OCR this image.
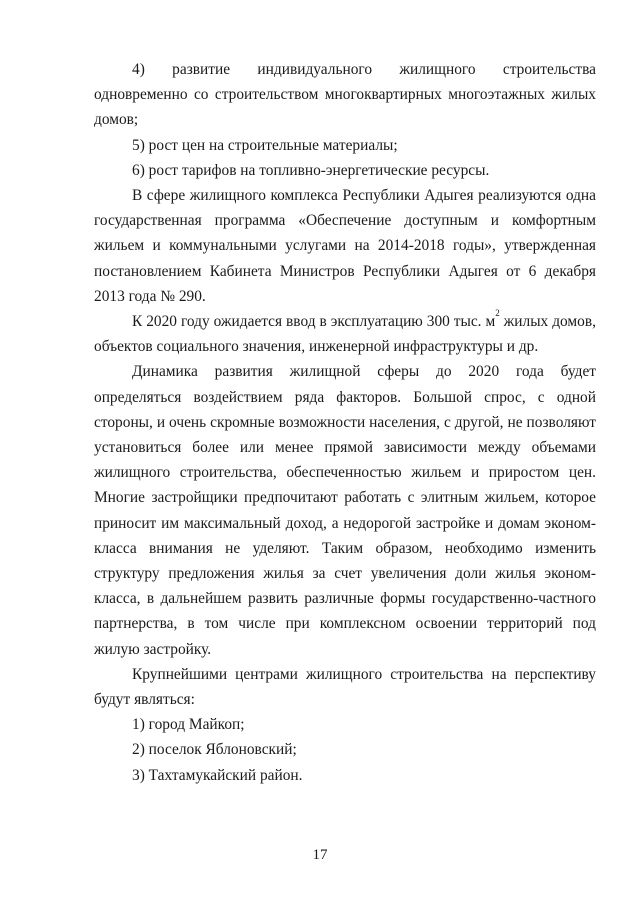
4) развитие индивидуального жилищного строительства одновременно со строительством многоквартирных многоэтажных жилых домов;

5) рост цен на строительные материалы;

6) рост тарифов на топливно-энергетические ресурсы.

В сфере жилищного комплекса Республики Адыгея реализуются одна государственная программа «Обеспечение доступным и комфортным жильем и коммунальными услугами на 2014-2018 годы», утвержденная постановлением Кабинета Министров Республики Адыгея от 6 декабря 2013 года № 290.

К 2020 году ожидается ввод в эксплуатацию 300 тыс. $м^2$ жилых домов, объектов социального значения, инженерной инфраструктуры и др.

Динамика развития жилищной сферы до 2020 года будет определяться воздействием ряда факторов. Большой спрос, с одной стороны, и очень скромные возможности населения, с другой, не позволяют установиться более или менее прямой зависимости между объемами жилищного строительства, обеспеченностью жильем и приростом цен. Многие застройщики предпочитают работать с элитным жильем, которое приносит им максимальный доход, а недорогой застройке и домам эконом-класса внимания не уделяют. Таким образом, необходимо изменить структуру предложения жилья за счет увеличения доли жилья эконом-класса, в дальнейшем развить различные формы государственно-частного партнерства, в том числе при комплексном освоении территорий под жилую застройку.

Крупнейшими центрами жилищного строительства на перспективу будут являться:

1) город Майкоп;

2) поселок Яблоновский;

3) Тахтамукайский район.

17
